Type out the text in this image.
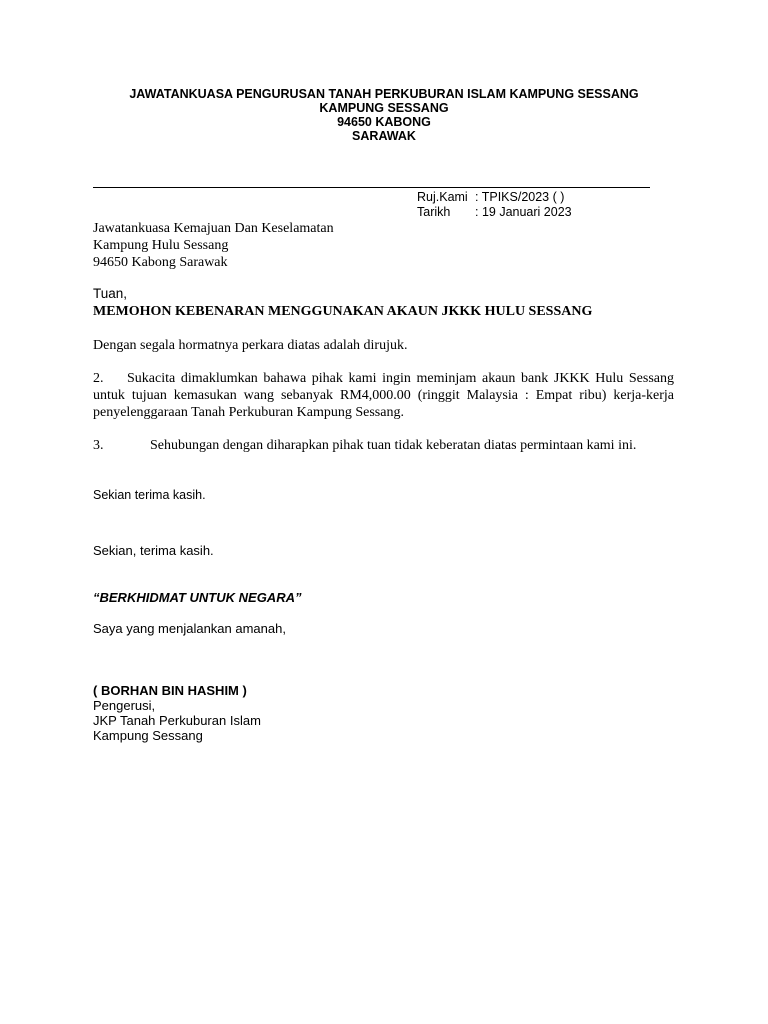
JAWATANKUASA PENGURUSAN TANAH PERKUBURAN ISLAM KAMPUNG SESSANG
KAMPUNG SESSANG
94650 KABONG
SARAWAK
Ruj.Kami : TPIKS/2023 ( )
Tarikh	: 19 Januari 2023
Jawatankuasa Kemajuan Dan Keselamatan
Kampung Hulu Sessang
94650 Kabong Sarawak
Tuan,
MEMOHON KEBENARAN MENGGUNAKAN AKAUN JKKK HULU SESSANG
Dengan segala hormatnya perkara diatas adalah dirujuk.
2. Sukacita dimaklumkan bahawa pihak kami ingin meminjam akaun bank JKKK Hulu Sessang untuk tujuan kemasukan wang sebanyak RM4,000.00 (ringgit Malaysia : Empat ribu) kerja-kerja penyelenggaraan Tanah Perkuburan Kampung Sessang.
3.	Sehubungan dengan diharapkan pihak tuan tidak keberatan diatas permintaan kami ini.
Sekian terima kasih.
Sekian, terima kasih.
“BERKHIDMAT UNTUK NEGARA”
Saya yang menjalankan amanah,
( BORHAN BIN HASHIM )
Pengerusi,
JKP Tanah Perkuburan Islam
Kampung Sessang
